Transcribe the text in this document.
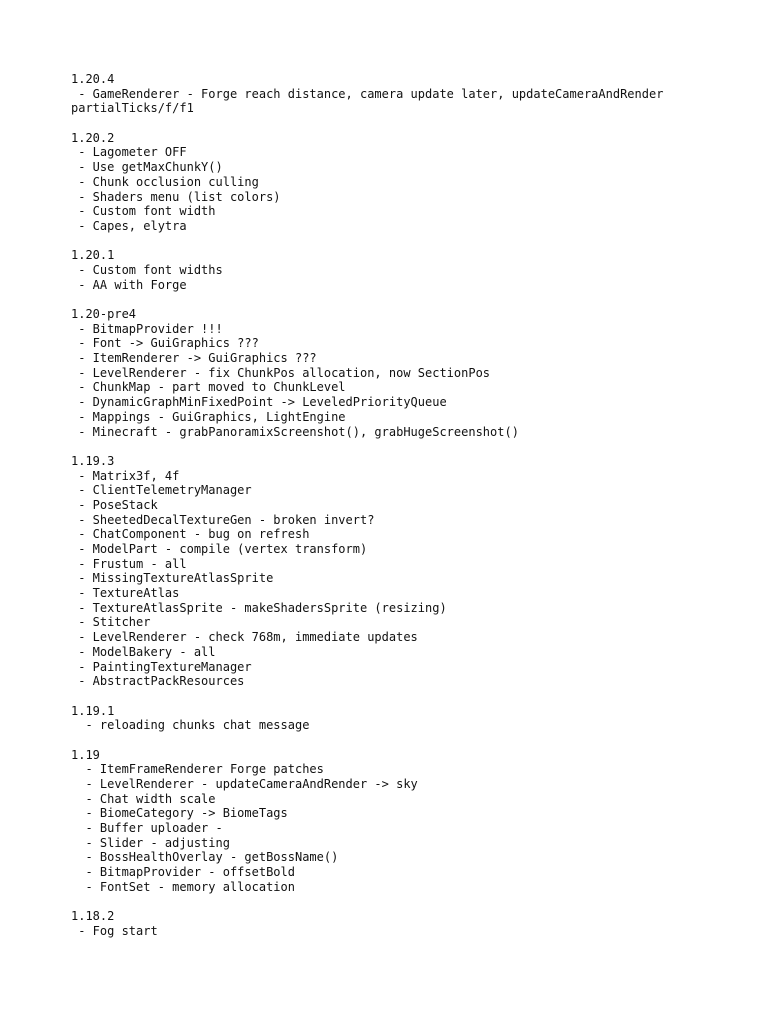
1.20.4
- GameRenderer - Forge reach distance, camera update later, updateCameraAndRender
partialTicks/f/f1
1.20.2
- Lagometer OFF
- Use getMaxChunkY()
- Chunk occlusion culling
- Shaders menu (list colors)
- Custom font width
- Capes, elytra
1.20.1
- Custom font widths
- AA with Forge
1.20-pre4
- BitmapProvider !!!
- Font -> GuiGraphics ???
- ItemRenderer -> GuiGraphics ???
- LevelRenderer - fix ChunkPos allocation, now SectionPos
- ChunkMap - part moved to ChunkLevel
- DynamicGraphMinFixedPoint -> LeveledPriorityQueue
- Mappings - GuiGraphics, LightEngine
- Minecraft - grabPanoramixScreenshot(), grabHugeScreenshot()
1.19.3
- Matrix3f, 4f
- ClientTelemetryManager
- PoseStack
- SheetedDecalTextureGen - broken invert?
- ChatComponent - bug on refresh
- ModelPart - compile (vertex transform)
- Frustum - all
- MissingTextureAtlasSprite
- TextureAtlas
- TextureAtlasSprite - makeShadersSprite (resizing)
- Stitcher
- LevelRenderer - check 768m, immediate updates
- ModelBakery - all
- PaintingTextureManager
- AbstractPackResources
1.19.1
- reloading chunks chat message
1.19
- ItemFrameRenderer Forge patches
- LevelRenderer - updateCameraAndRender -> sky
- Chat width scale
- BiomeCategory -> BiomeTags
- Buffer uploader -
- Slider - adjusting
- BossHealthOverlay - getBossName()
- BitmapProvider - offsetBold
- FontSet - memory allocation
1.18.2
- Fog start
